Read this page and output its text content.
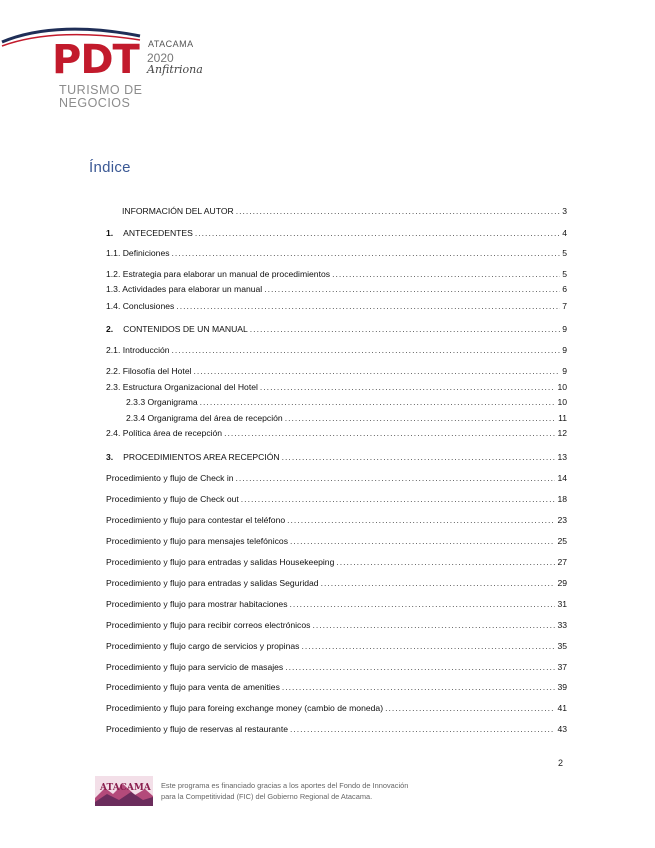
PDT ATACAMA
2020
Anfitriona
TURISMO DE NEGOCIOS
Índice
INFORMACIÓN DEL AUTOR .....	3
1. ANTECEDENTES .....	4
1.1. Definiciones .....	5
1.2. Estrategia para elaborar un manual de procedimientos .....	5
1.3. Actividades para elaborar un manual .....	6
1.4. Conclusiones .....	7
2. CONTENIDOS DE UN MANUAL .....	9
2.1. Introducción .....	9
2.2. Filosofía del Hotel .....	9
2.3. Estructura Organizacional del Hotel .....	10
2.3.3 Organigrama .....	10
2.3.4 Organigrama del área de recepción .....	11
2.4. Política área de recepción .....	12
3. PROCEDIMIENTOS AREA RECEPCIÓN .....	13
Procedimiento y flujo de Check in .....	14
Procedimiento y flujo de Check out .....	18
Procedimiento y flujo para contestar el teléfono .....	23
Procedimiento y flujo para mensajes telefónicos .....	25
Procedimiento y flujo para entradas y salidas Housekeeping .....	27
Procedimiento y flujo para entradas y salidas Seguridad .....	29
Procedimiento y flujo para mostrar habitaciones .....	31
Procedimiento y flujo para recibir correos electrónicos .....	33
Procedimiento y flujo cargo de servicios y propinas .....	35
Procedimiento y flujo para servicio de masajes .....	37
Procedimiento y flujo para venta de amenities .....	39
Procedimiento y flujo para foreing exchange money (cambio de moneda) .....	41
Procedimiento y flujo de reservas al restaurante .....	43
2
ATACAMA Este programa es financiado gracias a los aportes del Fondo de Innovación
para la Competitividad (FIC) del Gobierno Regional de Atacama.
